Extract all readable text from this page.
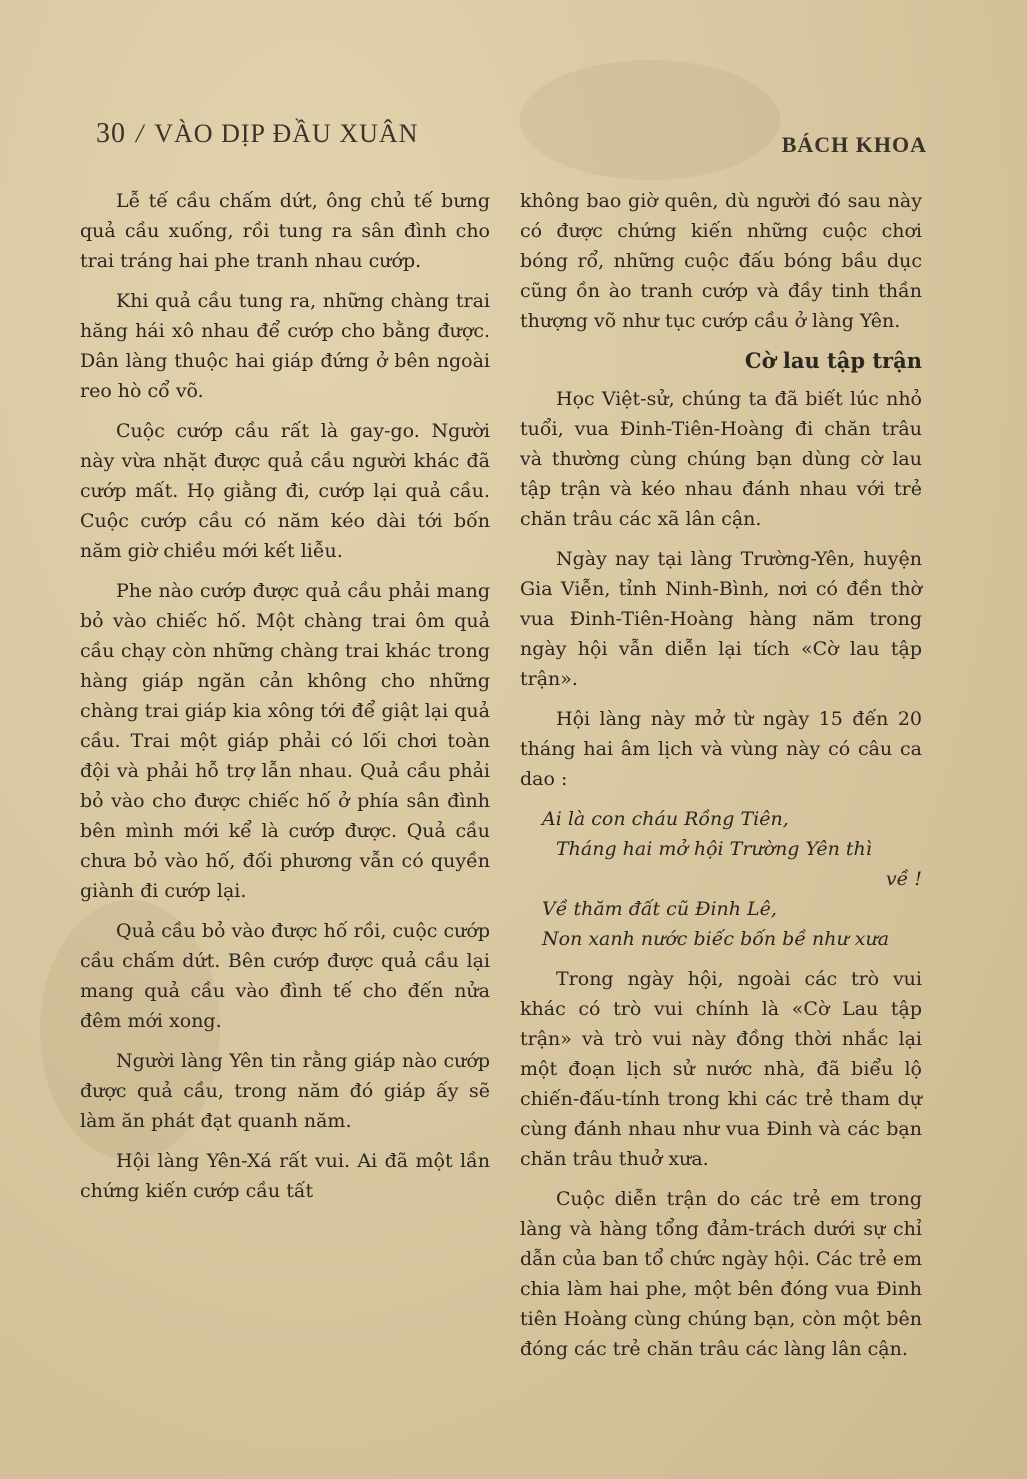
30 / VÀO DỊP ĐẦU XUÂN	BÁCH KHOA

Lễ tế cầu chấm dứt, ông chủ tế bưng quả cầu xuống, rồi tung ra sân đình cho trai tráng hai phe tranh nhau cướp.

Khi quả cầu tung ra, những chàng trai hăng hái xô nhau để cướp cho bằng được. Dân làng thuộc hai giáp đứng ở bên ngoài reo hò cổ võ.

Cuộc cướp cầu rất là gay-go. Người này vừa nhặt được quả cầu người khác đã cướp mất. Họ giằng đi, cướp lại quả cầu. Cuộc cướp cầu có năm kéo dài tới bốn năm giờ chiều mới kết liễu.

Phe nào cướp được quả cầu phải mang bỏ vào chiếc hố. Một chàng trai ôm quả cầu chạy còn những chàng trai khác trong hàng giáp ngăn cản không cho những chàng trai giáp kia xông tới để giật lại quả cầu. Trai một giáp phải có lối chơi toàn đội và phải hỗ trợ lẫn nhau. Quả cầu phải bỏ vào cho được chiếc hố ở phía sân đình bên mình mới kể là cướp được. Quả cầu chưa bỏ vào hố, đối phương vẫn có quyền giành đi cướp lại.

Quả cầu bỏ vào được hố rồi, cuộc cướp cầu chấm dứt. Bên cướp được quả cầu lại mang quả cầu vào đình tế cho đến nửa đêm mới xong.

Người làng Yên tin rằng giáp nào cướp được quả cầu, trong năm đó giáp ấy sẽ làm ăn phát đạt quanh năm.

Hội làng Yên-Xá rất vui. Ai đã một lần chứng kiến cướp cầu tất

không bao giờ quên, dù người đó sau này có được chứng kiến những cuộc chơi bóng rổ, những cuộc đấu bóng bầu dục cũng ồn ào tranh cướp và đầy tinh thần thượng võ như tục cướp cầu ở làng Yên.

Cờ lau tập trận

Học Việt-sử, chúng ta đã biết lúc nhỏ tuổi, vua Đinh-Tiên-Hoàng đi chăn trâu và thường cùng chúng bạn dùng cờ lau tập trận và kéo nhau đánh nhau với trẻ chăn trâu các xã lân cận.

Ngày nay tại làng Trường-Yên, huyện Gia Viễn, tỉnh Ninh-Bình, nơi có đền thờ vua Đinh-Tiên-Hoàng hàng năm trong ngày hội vẫn diễn lại tích «Cờ lau tập trận».

Hội làng này mở từ ngày 15 đến 20 tháng hai âm lịch và vùng này có câu ca dao :

Ai là con cháu Rồng Tiên,
Tháng hai mở hội Trường Yên thì
về !
Về thăm đất cũ Đinh Lê,
Non xanh nước biếc bốn bề như xưa

Trong ngày hội, ngoài các trò vui khác có trò vui chính là «Cờ Lau tập trận» và trò vui này đồng thời nhắc lại một đoạn lịch sử nước nhà, đã biểu lộ chiến-đấu-tính trong khi các trẻ tham dự cùng đánh nhau như vua Đinh và các bạn chăn trâu thuở xưa.

Cuộc diễn trận do các trẻ em trong làng và hàng tổng đảm-trách dưới sự chỉ dẫn của ban tổ chức ngày hội. Các trẻ em chia làm hai phe, một bên đóng vua Đinh tiên Hoàng cùng chúng bạn, còn một bên đóng các trẻ chăn trâu các làng lân cận.
